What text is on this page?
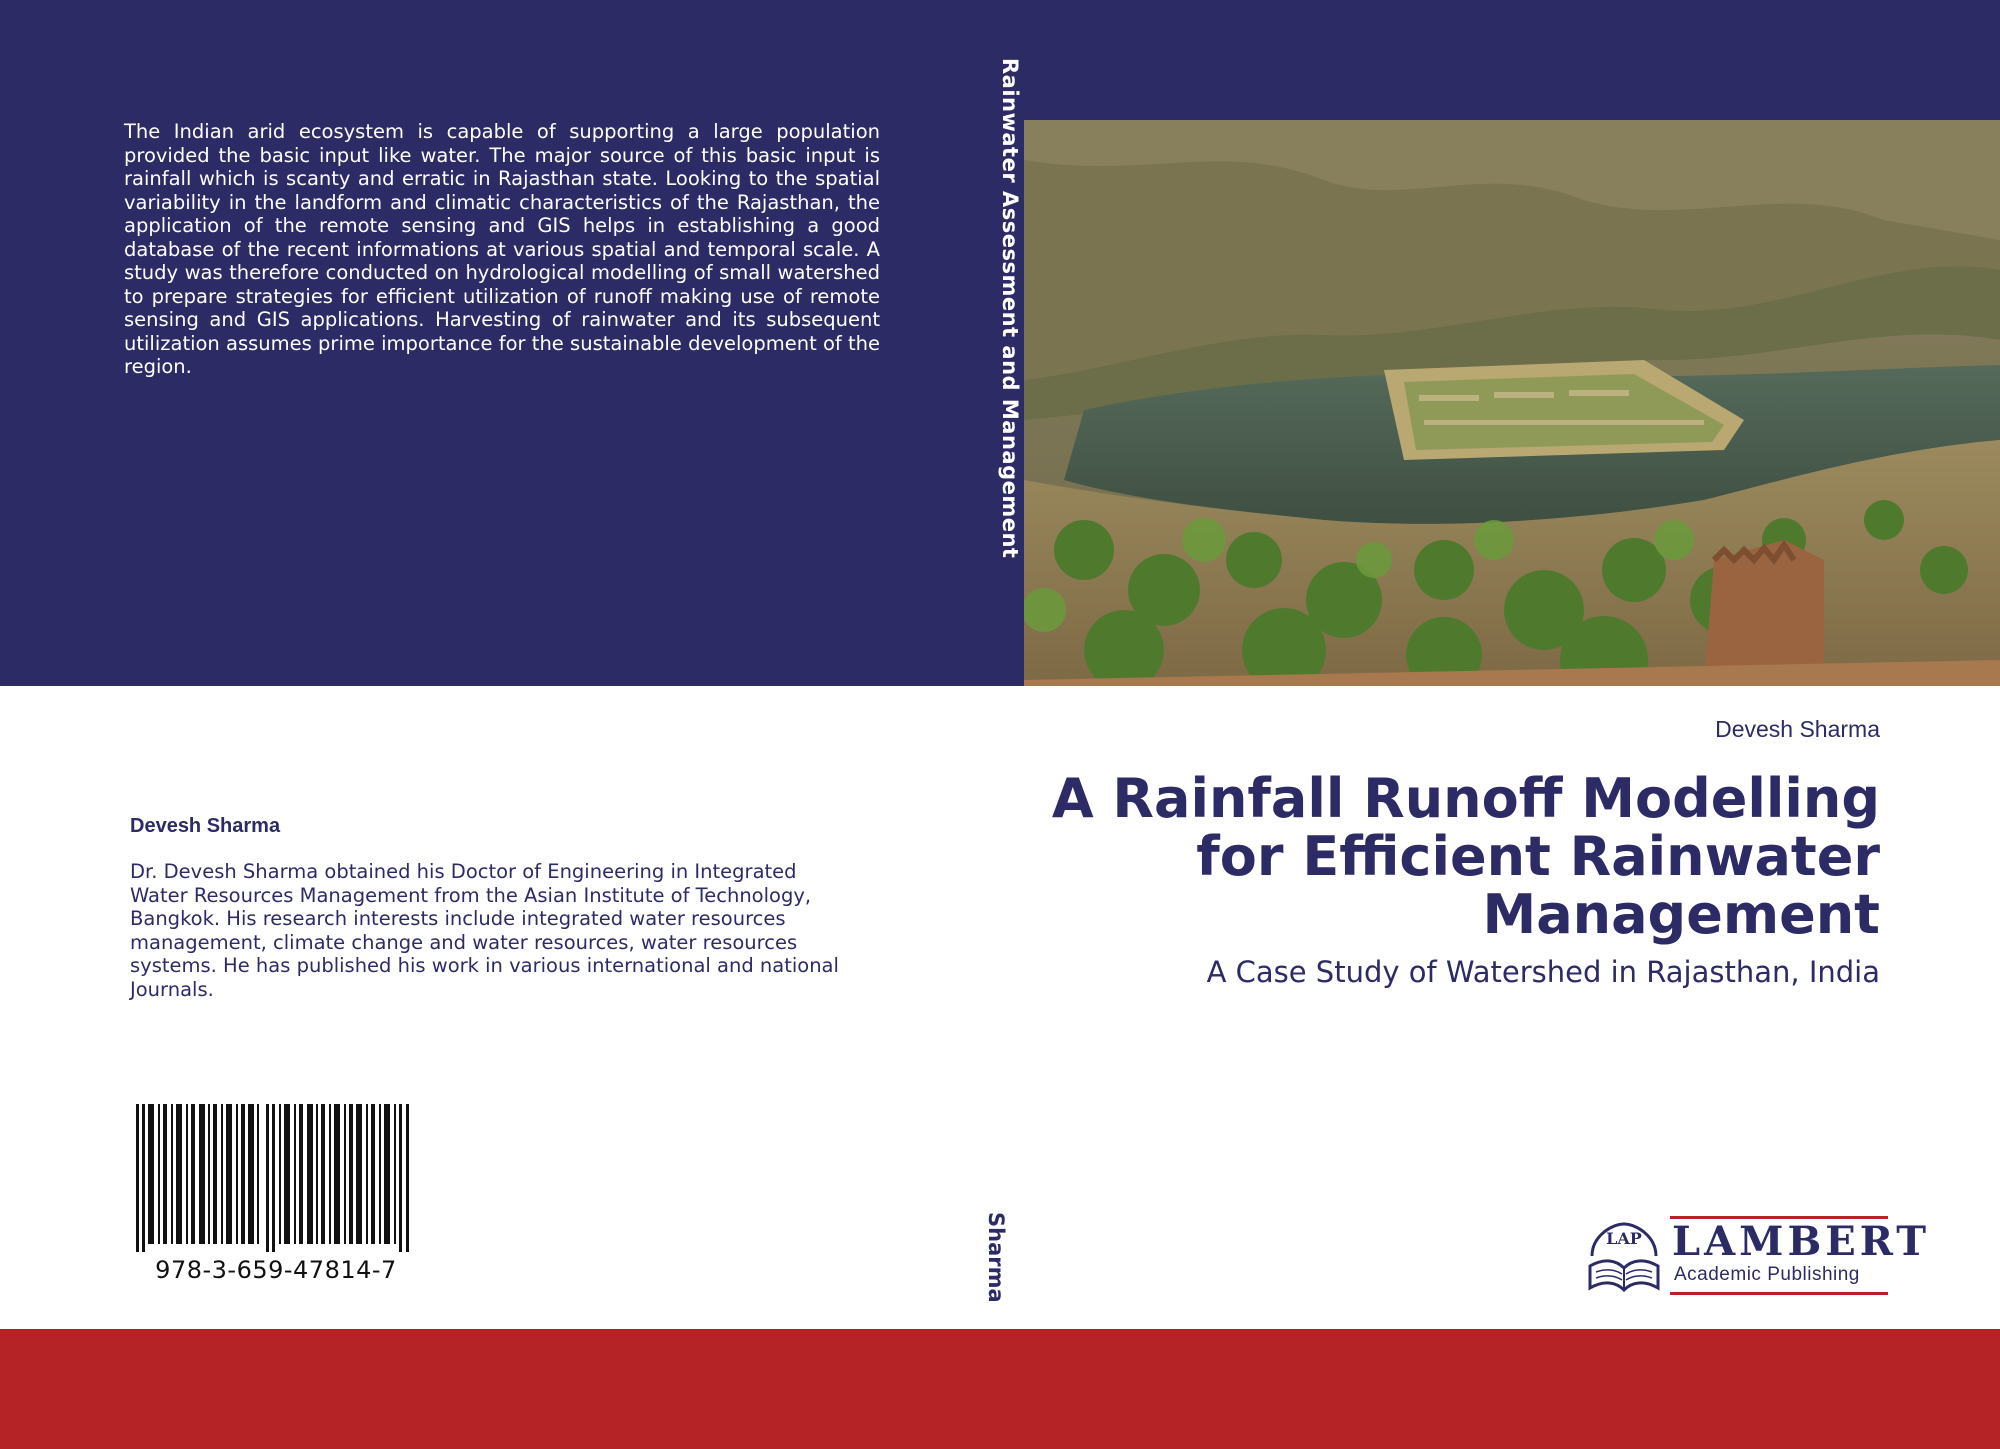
The Indian arid ecosystem is capable of supporting a large population provided the basic input like water. The major source of this basic input is rainfall which is scanty and erratic in Rajasthan state. Looking to the spatial variability in the landform and climatic characteristics of the Rajasthan, the application of the remote sensing and GIS helps in establishing a good database of the recent informations at various spatial and temporal scale. A study was therefore conducted on hydrological modelling of small watershed to prepare strategies for efficient utilization of runoff making use of remote sensing and GIS applications. Harvesting of rainwater and its subsequent utilization assumes prime importance for the sustainable development of the region.	Rainwater Assessment and Management
Devesh Sharma

Dr. Devesh Sharma obtained his Doctor of Engineering in Integrated Water Resources Management from the Asian Institute of Technology, Bangkok. His research interests include integrated water resources management, climate change and water resources, water resources systems. He has published his work in various international and national Journals.

978-3-659-47814-7	Sharma
Devesh Sharma
A Rainfall Runoff Modelling for Efficient Rainwater Management
A Case Study of Watershed in Rajasthan, India
LAP LAMBERT
Academic Publishing
